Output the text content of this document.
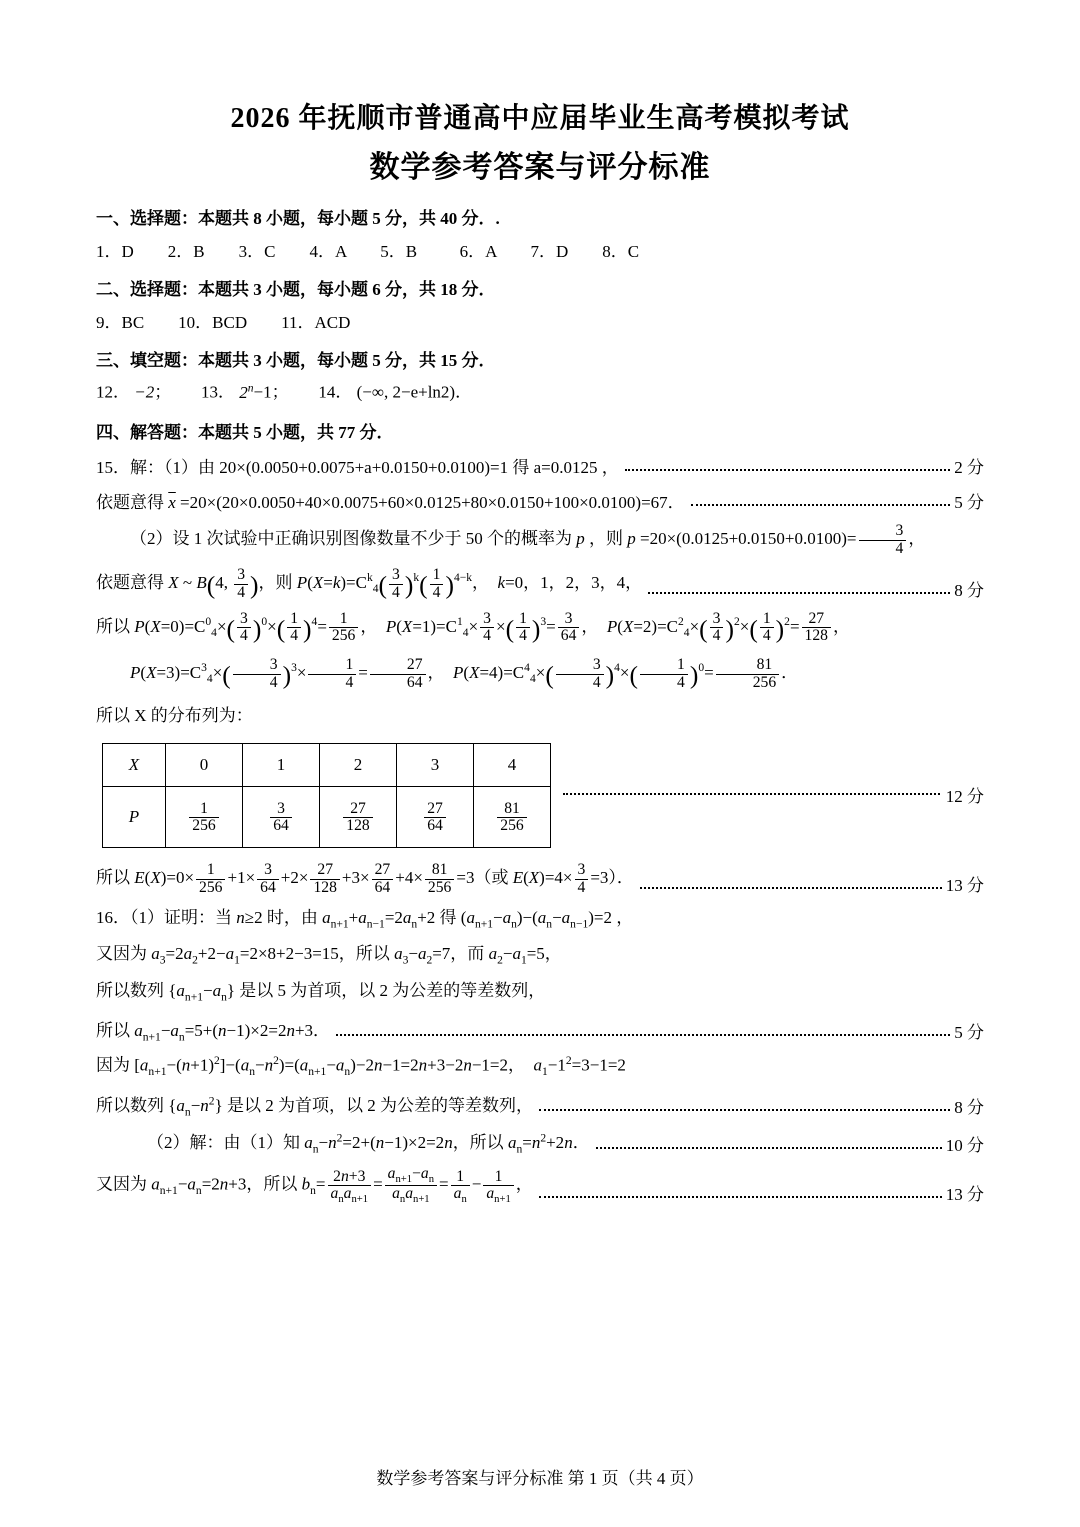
2026 年抚顺市普通高中应届毕业生高考模拟考试
数学参考答案与评分标准
一、选择题：本题共 8 小题，每小题 5 分，共 40 分．.
1．D        2．B        3．C        4．A        5．B          6．A        7．D        8．C
二、选择题：本题共 3 小题，每小题 6 分，共 18 分．
9．BC        10．BCD        11．ACD
三、填空题：本题共 3 小题，每小题 5 分，共 15 分．
12． −2；       13． $2^n-1$；       14． (−∞, 2−e+ln2)．
四、解答题：本题共 5 小题，共 77 分．
15．解：（1）由 20×(0.0050+0.0075+a+0.0150+0.0100)=1 得 a=0.0125 ，	2 分
依题意得 $\overline{x} =20\times(20\times 0.0050+40\times 0.0075+60\times 0.0125+80\times 0.0150+100\times 0.0100)=67$．	5 分
（2）设 1 次试验中正确识别图像数量不少于 50 个的概率为 p ，则 $p =20\times(0.0125+0.0150+0.0100)= \frac{3}{4}$ ，
依题意得 X ~ B(4, $\frac{3}{4}$ )，则 $P(X=k)=C^k_4( \frac{3}{4} )^k( \frac{1}{4} )^{4-k}$，  k=0，1，2，3，4，	8 分
所以 $P(X=0)=C^0_4\times( \frac{3}{4} )^0\times( \frac{1}{4} )^4= \frac{1}{256}$ ，  $P(X=1)=C^1_4\times \frac{3}{4}$ ×( $\frac{1}{4} )^3= \frac{3}{64}$ ，  $P(X=2)=C^2_4\times( \frac{3}{4} )^2\times( \frac{1}{4} )^2= \frac{27}{128}$ ，
$P(X=3)=C^3_4\times( \frac{3}{4} )^3\times \frac{1}{4} = \frac{27}{64}$ ，  $P(X=4)=C^4_4\times( \frac{3}{4} )^4\times( \frac{1}{4} )^0= \frac{81}{256}$ ．
所以 X 的分布列为：
X	0	1	2	3	4
P	$\frac{1}{256}$	$\frac{3}{64}$	$\frac{27}{128}$	$\frac{27}{64}$	$\frac{81}{256}$
12 分
所以 $E(X)=0\times \frac{1}{256} +1\times \frac{3}{64} +2\times \frac{27}{128} +3\times \frac{27}{64} +4\times \frac{81}{256} =3$（或 $E(X)=4\times \frac{3}{4} =3$）．	13 分
16．（1）证明：当 n≥2 时，由 $a_{n+1}+a_{n-1}=2a_n+2$ 得 $(a_{n+1}-a_n)-(a_n-a_{n-1})=2$ ，
又因为 $a_3=2a_2+2-a_1=2\times 8+2-3=15$，所以 $a_3-a_2=7$，而 $a_2-a_1=5$，
所以数列 $\{a_{n+1}-a_n\}$ 是以 5 为首项，以 2 为公差的等差数列，
所以 $a_{n+1}-a_n=5+(n-1)\times 2=2n+3$．	5 分
因为 $[a_{n+1}-(n+1)^2]-(a_n-n^2)=(a_{n+1}-a_n)-2n-1=2n+3-2n-1=2$，  $a_1-1^2=3-1=2$
所以数列 $\{a_n-n^2\}$ 是以 2 为首项，以 2 为公差的等差数列，	8 分
（2）解：由（1）知 $a_n-n^2=2+(n-1)\times 2=2n$，所以 $a_n=n^2+2n$．	10 分
又因为 $a_{n+1}-a_n=2n+3$，所以 $b_n= \frac{2n+3}{a_na_{n+1}} = \frac{a_{n+1}-a_n}{a_na_{n+1}} = \frac{1}{a_n} - \frac{1}{a_{n+1}}$ ，
13 分
数学参考答案与评分标准 第 1 页（共 4 页）
